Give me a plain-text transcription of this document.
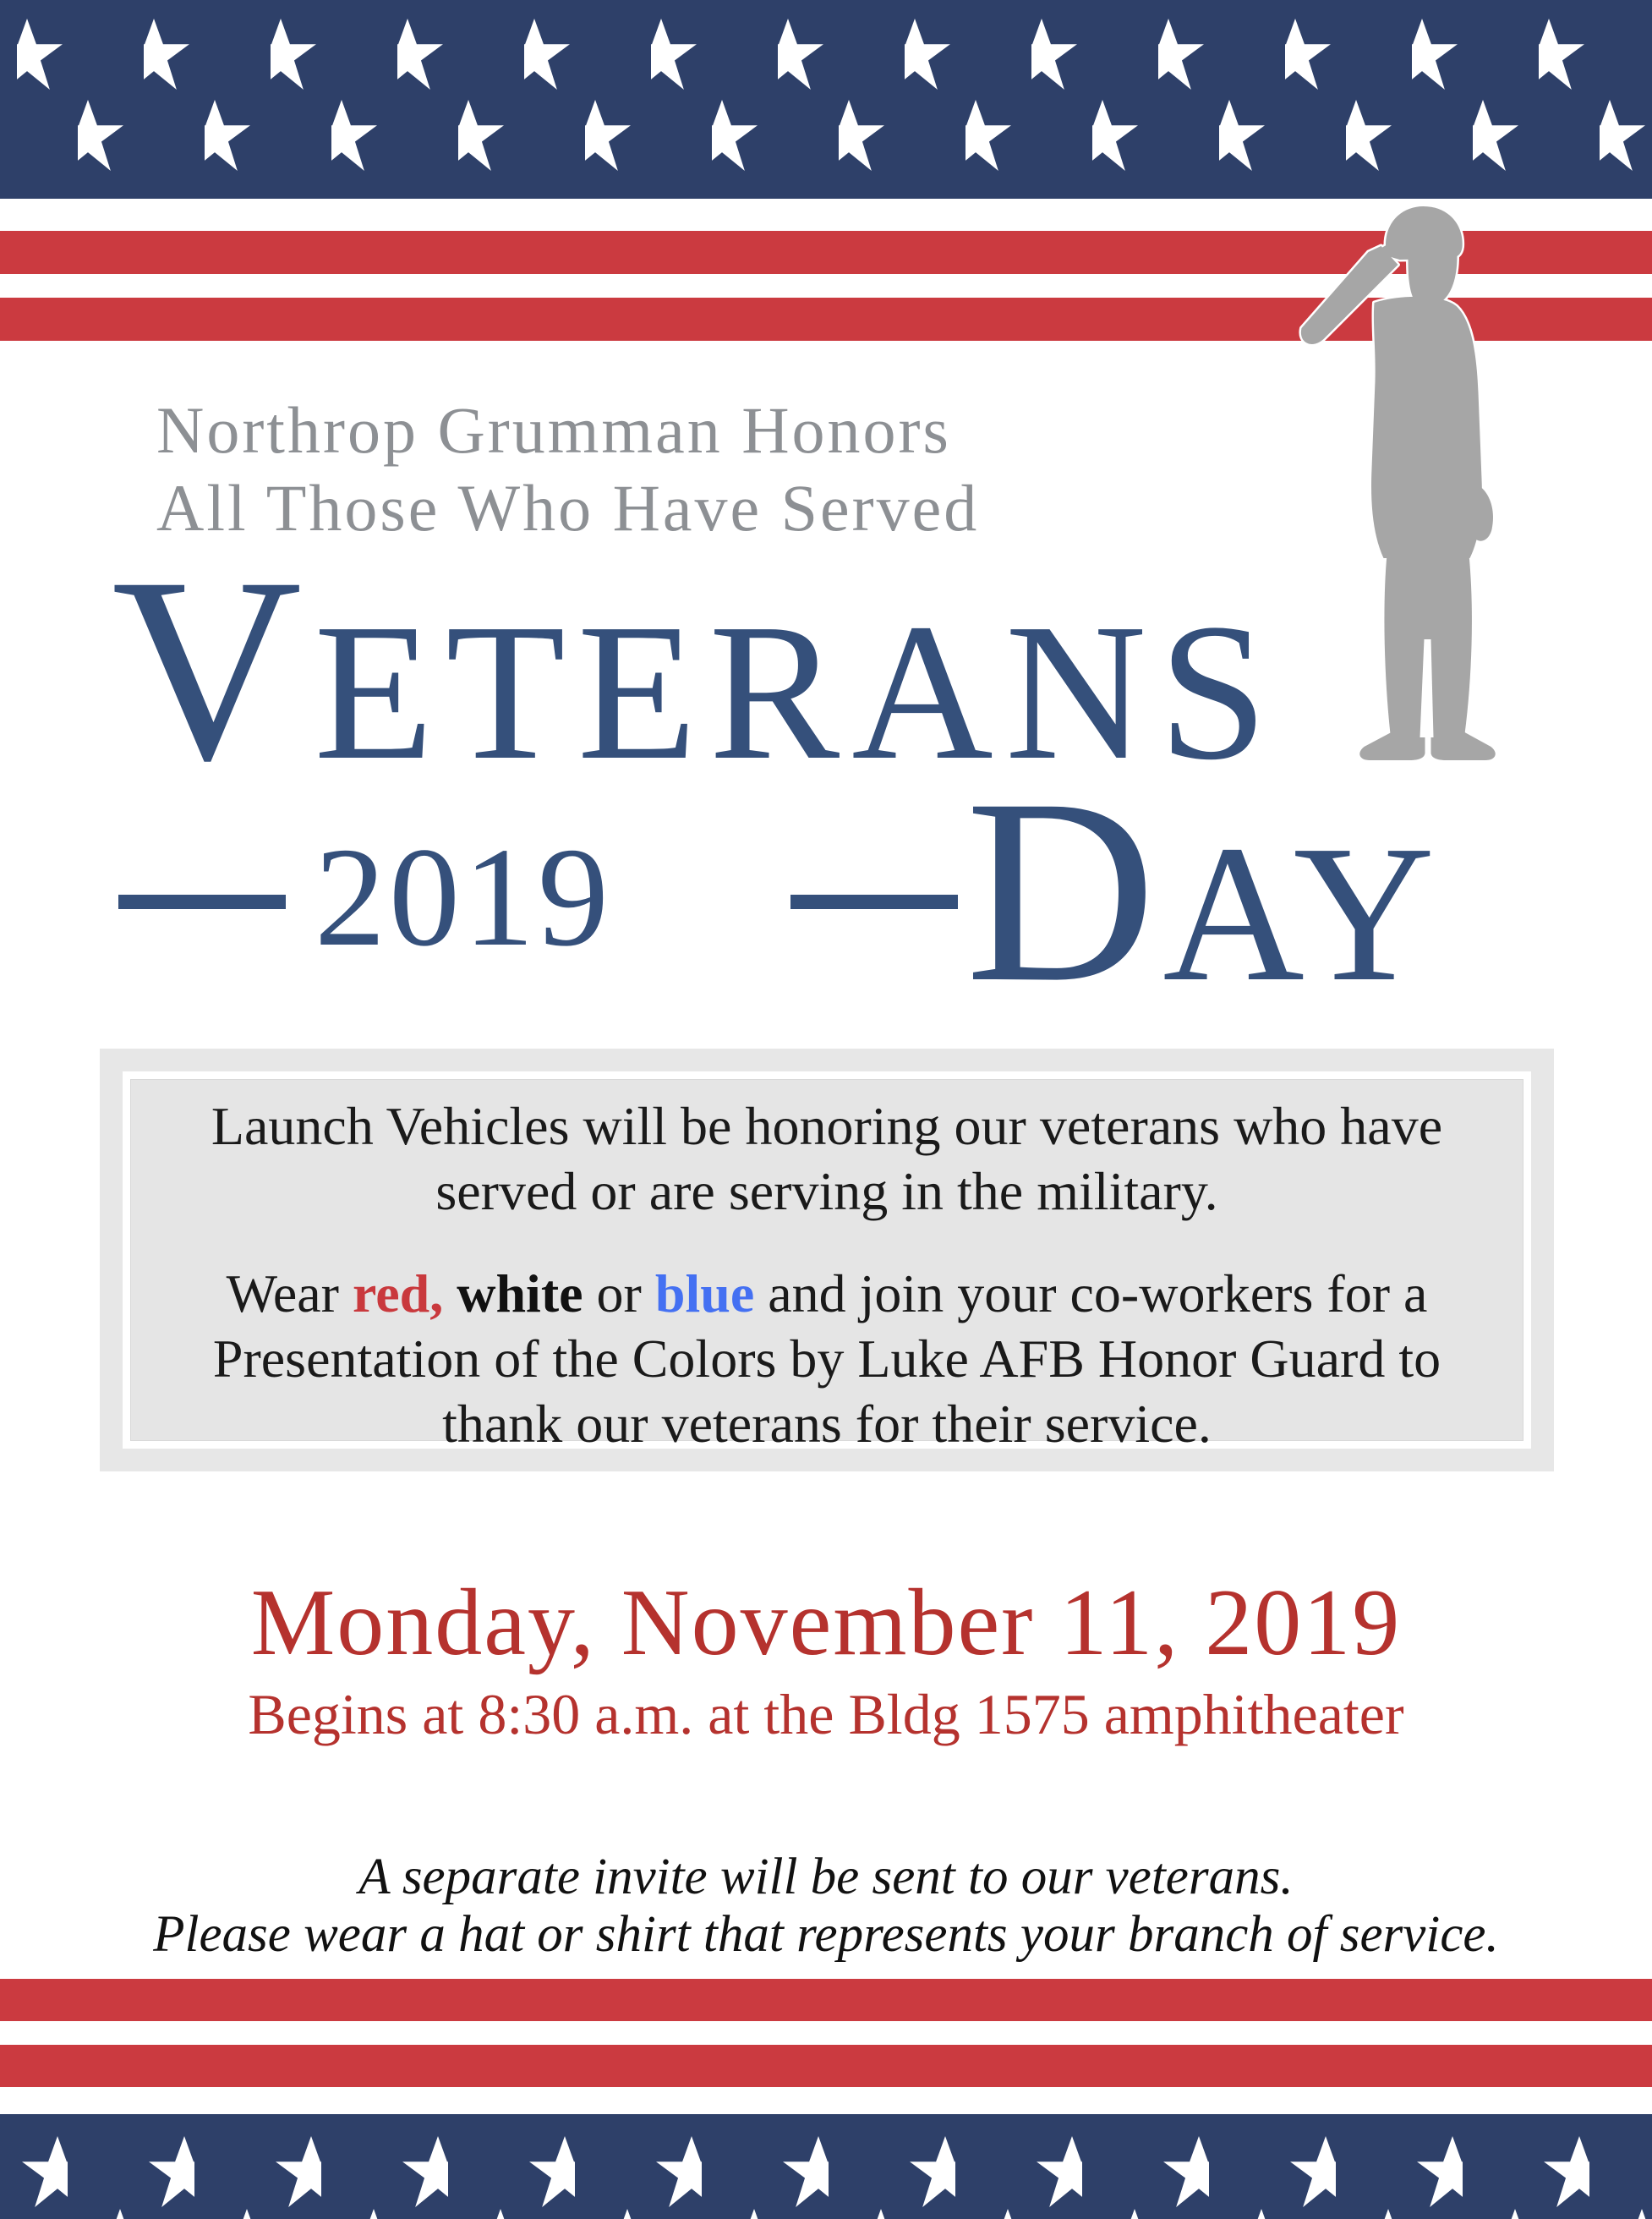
Northrop Grumman Honors
All Those Who Have Served
VETERANS
2019 DAY

Launch Vehicles will be honoring our veterans who have

served or are serving in the military.

Wear red, white or blue and join your co-workers for a

Presentation of the Colors by Luke AFB Honor Guard to

thank our veterans for their service.

Monday, November 11, 2019
Begins at 8:30 a.m. at the Bldg 1575 amphitheater
A separate invite will be sent to our veterans.
Please wear a hat or shirt that represents your branch of service.
